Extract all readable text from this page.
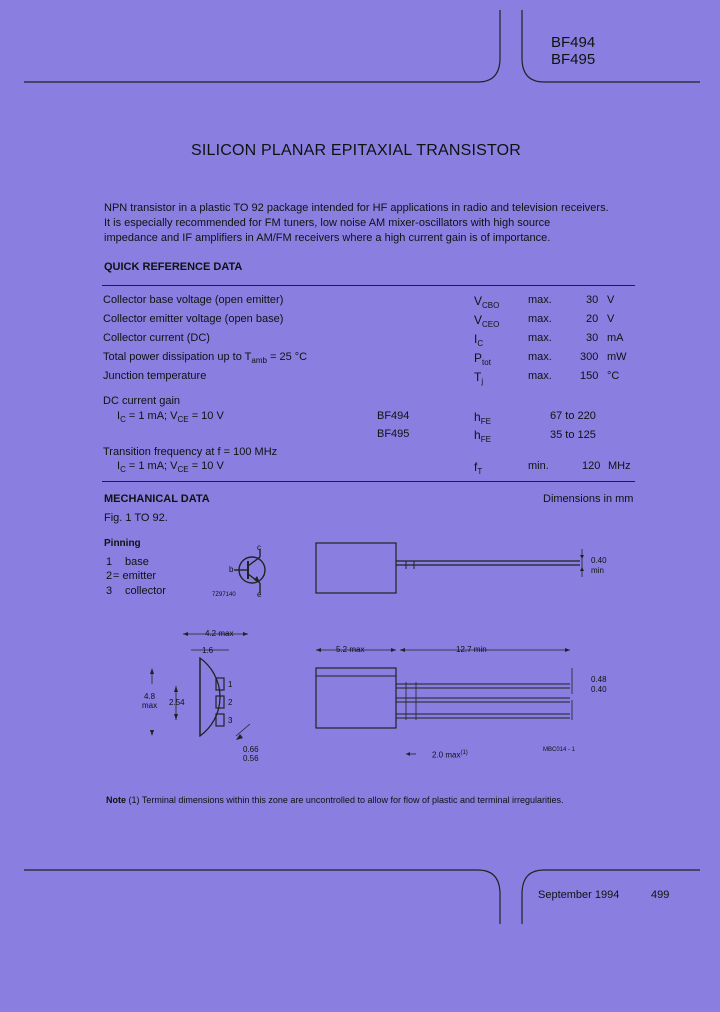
BF494
BF495
SILICON PLANAR EPITAXIAL TRANSISTOR
NPN transistor in a plastic TO 92 package intended for HF applications in radio and television receivers.
It is especially recommended for FM tuners, low noise AM mixer-oscillators with high source
impedance and IF amplifiers in AM/FM receivers where a high current gain is of importance.
QUICK REFERENCE DATA
Collector base voltage (open emitter)	$V_{CBO}$	max.	30 V
Collector emitter voltage (open base)	$V_{CEO}$	max.	20 V
Collector current (DC)	$I_C$	max.	30 mA
Total power dissipation up to $T_{amb} = 25$ °C	$P_{tot}$	max.	300 mW
Junction temperature	$T_j$	max.	150 °C
DC current gain
$I_C = 1$ mA; $V_{CE} = 10$ V	BF494	$h_{FE}$	67 to 220
BF495	$h_{FE}$	35 to 125
Transition frequency at f = 100 MHz
$I_C = 1$ mA; $V_{CE} = 10$ V	$f_T$	min.	120 MHz
MECHANICAL DATA	Dimensions in mm
Fig. 1 TO 92.
Pinning
1 base
2 = emitter
3 collector
c
b
e
7Z97140
0.40
min
4.2 max
1.6
4.8
max 2.54
1
2
3
0.66
0.56
5.2 max	12.7 min
0.48
0.40
2.0 $\max^{(1)}$	MBC014 - 1
Note (1) Terminal dimensions within this zone are uncontrolled to allow for flow of plastic and terminal irregularities.
September 1994	499
